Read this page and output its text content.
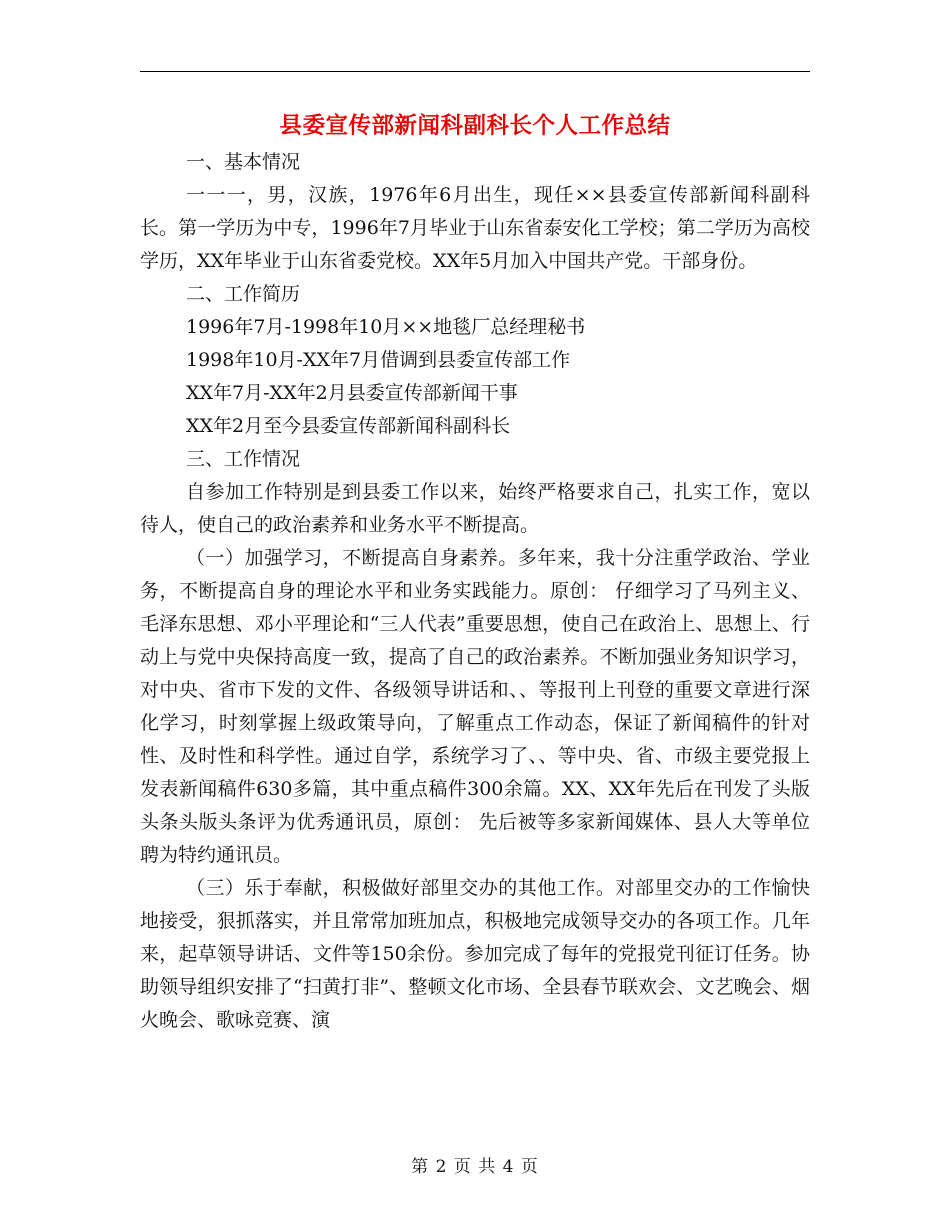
县委宣传部新闻科副科长个人工作总结

一、基本情况

一一一，男，汉族，1976年6月出生，现任××县委宣传部新闻科副科长。第一学历为中专，1996年7月毕业于山东省泰安化工学校；第二学历为高校学历，XX年毕业于山东省委党校。XX年5月加入中国共产党。干部身份。

二、工作简历

1996年7月-1998年10月××地毯厂总经理秘书

1998年10月-XX年7月借调到县委宣传部工作

XX年7月-XX年2月县委宣传部新闻干事

XX年2月至今县委宣传部新闻科副科长

三、工作情况

自参加工作特别是到县委工作以来，始终严格要求自己，扎实工作，宽以待人，使自己的政治素养和业务水平不断提高。

（一）加强学习，不断提高自身素养。多年来，我十分注重学政治、学业务，不断提高自身的理论水平和业务实践能力。原创： 仔细学习了马列主义、毛泽东思想、邓小平理论和“三人代表”重要思想，使自己在政治上、思想上、行动上与党中央保持高度一致，提高了自己的政治素养。不断加强业务知识学习，对中央、省市下发的文件、各级领导讲话和、、等报刊上刊登的重要文章进行深化学习，时刻掌握上级政策导向，了解重点工作动态，保证了新闻稿件的针对性、及时性和科学性。通过自学，系统学习了、、等中央、省、市级主要党报上发表新闻稿件630多篇，其中重点稿件300余篇。XX、XX年先后在刊发了头版头条头版头条评为优秀通讯员，原创： 先后被等多家新闻媒体、县人大等单位聘为特约通讯员。

（三）乐于奉献，积极做好部里交办的其他工作。对部里交办的工作愉快地接受，狠抓落实，并且常常加班加点，积极地完成领导交办的各项工作。几年来，起草领导讲话、文件等150余份。参加完成了每年的党报党刊征订任务。协助领导组织安排了“扫黄打非”、整顿文化市场、全县春节联欢会、文艺晚会、烟火晚会、歌咏竞赛、演

第 2 页 共 4 页
